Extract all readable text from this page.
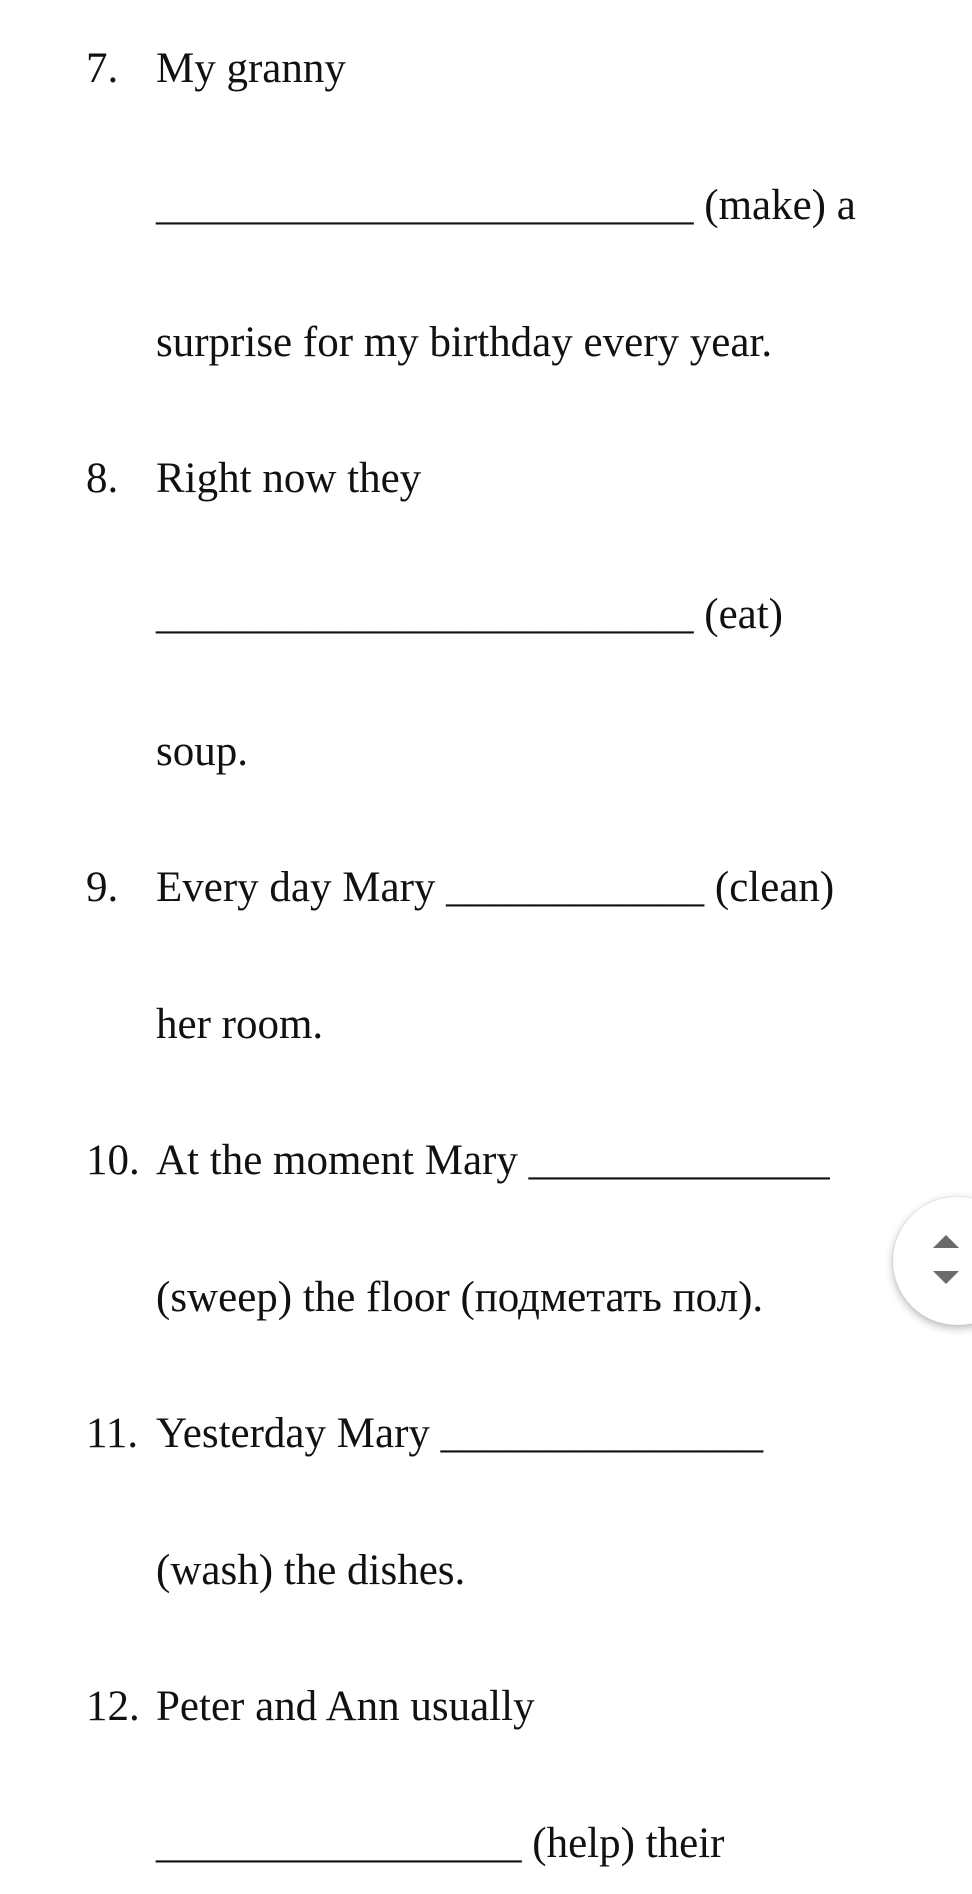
7. My granny
_________________________ (make) a
surprise for my birthday every year.
8. Right now they
_________________________ (eat)
soup.
9. Every day Mary ____________ (clean)
her room.
10. At the moment Mary ______________
(sweep) the floor (подметать пол).
11. Yesterday Mary _______________
(wash) the dishes.
12. Peter and Ann usually
_________________ (help) their
